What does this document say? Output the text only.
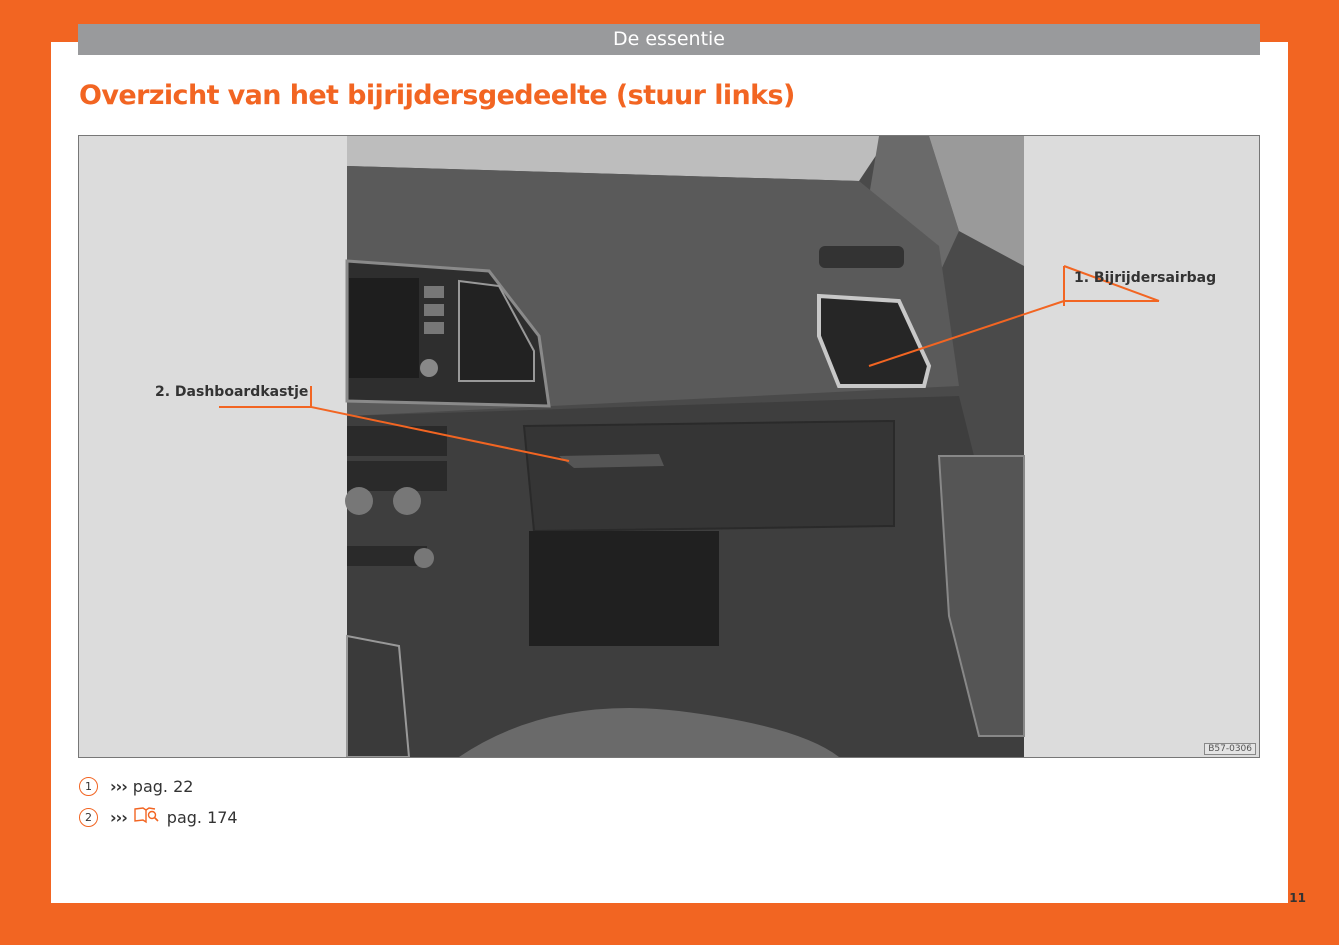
De essentie
Overzicht van het bijrijdersgedeelte (stuur links)
1. Bijrijdersairbag
2. Dashboardkastje
B57-0306
1	››› pag. 22
2	›››	pag. 174
11
